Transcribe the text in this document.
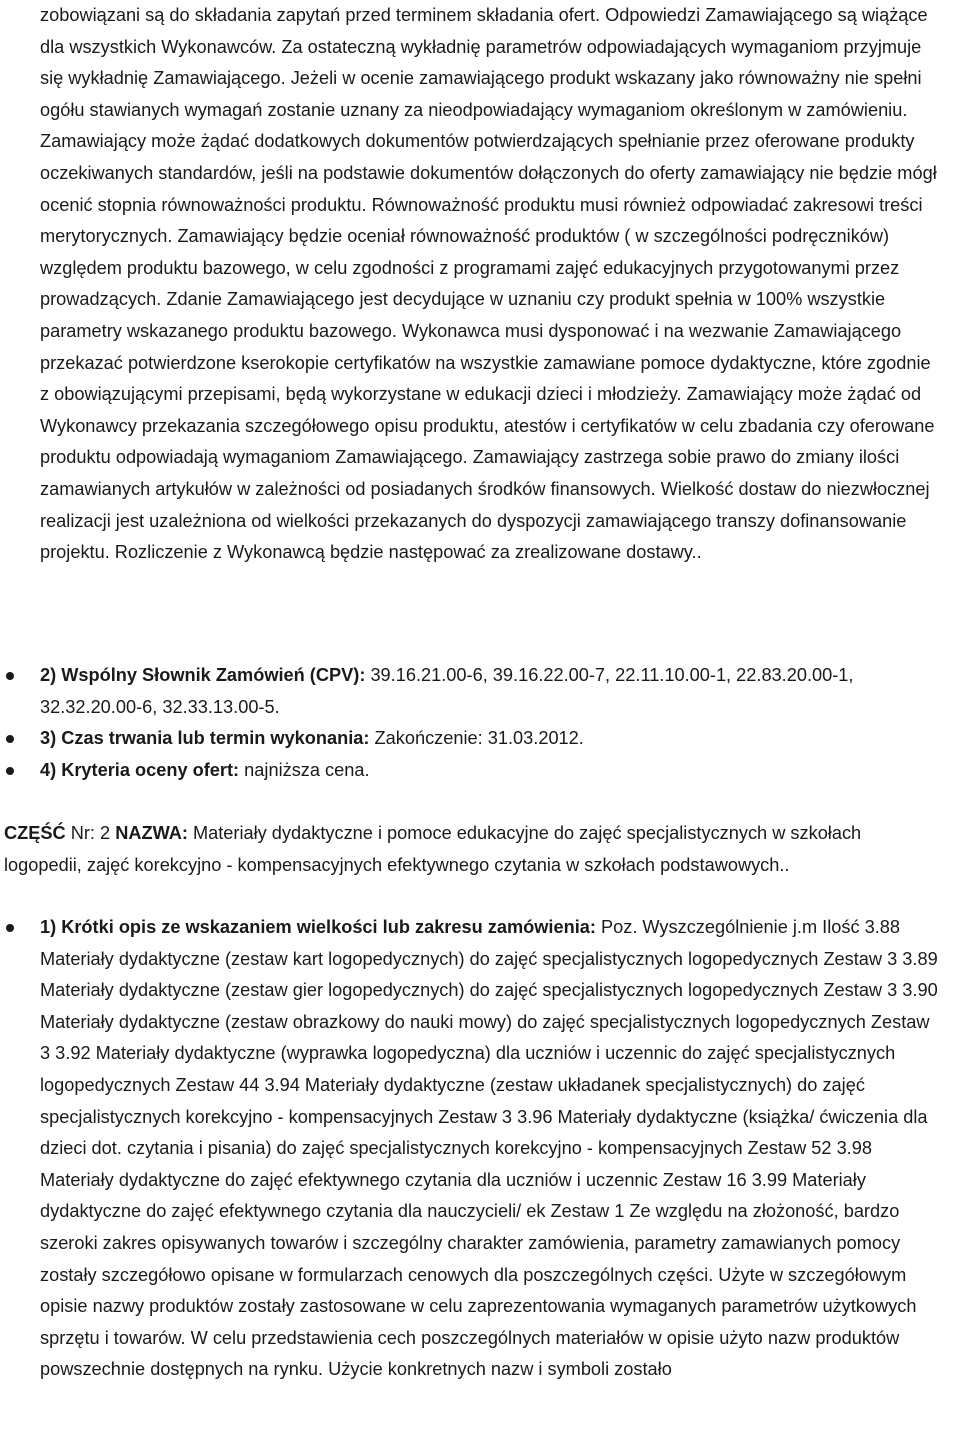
zobowiązani są do składania zapytań przed terminem składania ofert. Odpowiedzi Zamawiającego są wiążące dla wszystkich Wykonawców. Za ostateczną wykładnię parametrów odpowiadających wymaganiom przyjmuje się wykładnię Zamawiającego. Jeżeli w ocenie zamawiającego produkt wskazany jako równoważny nie spełni ogółu stawianych wymagań zostanie uznany za nieodpowiadający wymaganiom określonym w zamówieniu. Zamawiający może żądać dodatkowych dokumentów potwierdzających spełnianie przez oferowane produkty oczekiwanych standardów, jeśli na podstawie dokumentów dołączonych do oferty zamawiający nie będzie mógł ocenić stopnia równoważności produktu. Równoważność produktu musi również odpowiadać zakresowi treści merytorycznych. Zamawiający będzie oceniał równoważność produktów ( w szczególności podręczników) względem produktu bazowego, w celu zgodności z programami zajęć edukacyjnych przygotowanymi przez prowadzących. Zdanie Zamawiającego jest decydujące w uznaniu czy produkt spełnia w 100% wszystkie parametry wskazanego produktu bazowego. Wykonawca musi dysponować i na wezwanie Zamawiającego przekazać potwierdzone kserokopie certyfikatów na wszystkie zamawiane pomoce dydaktyczne, które zgodnie z obowiązującymi przepisami, będą wykorzystane w edukacji dzieci i młodzieży. Zamawiający może żądać od Wykonawcy przekazania szczegółowego opisu produktu, atestów i certyfikatów w celu zbadania czy oferowane produktu odpowiadają wymaganiom Zamawiającego. Zamawiający zastrzega sobie prawo do zmiany ilości zamawianych artykułów w zależności od posiadanych środków finansowych. Wielkość dostaw do niezwłocznej realizacji jest uzależniona od wielkości przekazanych do dyspozycji zamawiającego transzy dofinansowanie projektu. Rozliczenie z Wykonawcą będzie następować za zrealizowane dostawy..
2) Wspólny Słownik Zamówień (CPV): 39.16.21.00-6, 39.16.22.00-7, 22.11.10.00-1, 22.83.20.00-1, 32.32.20.00-6, 32.33.13.00-5.
3) Czas trwania lub termin wykonania: Zakończenie: 31.03.2012.
4) Kryteria oceny ofert: najniższa cena.
CZĘŚĆ Nr: 2 NAZWA: Materiały dydaktyczne i pomoce edukacyjne do zajęć specjalistycznych w szkołach logopedii, zajęć korekcyjno - kompensacyjnych efektywnego czytania w szkołach podstawowych..
1) Krótki opis ze wskazaniem wielkości lub zakresu zamówienia: Poz. Wyszczególnienie j.m Ilość 3.88 Materiały dydaktyczne (zestaw kart logopedycznych) do zajęć specjalistycznych logopedycznych Zestaw 3 3.89 Materiały dydaktyczne (zestaw gier logopedycznych) do zajęć specjalistycznych logopedycznych Zestaw 3 3.90 Materiały dydaktyczne (zestaw obrazkowy do nauki mowy) do zajęć specjalistycznych logopedycznych Zestaw 3 3.92 Materiały dydaktyczne (wyprawka logopedyczna) dla uczniów i uczennic do zajęć specjalistycznych logopedycznych Zestaw 44 3.94 Materiały dydaktyczne (zestaw układanek specjalistycznych) do zajęć specjalistycznych korekcyjno - kompensacyjnych Zestaw 3 3.96 Materiały dydaktyczne (książka/ ćwiczenia dla dzieci dot. czytania i pisania) do zajęć specjalistycznych korekcyjno - kompensacyjnych Zestaw 52 3.98 Materiały dydaktyczne do zajęć efektywnego czytania dla uczniów i uczennic Zestaw 16 3.99 Materiały dydaktyczne do zajęć efektywnego czytania dla nauczycieli/ ek Zestaw 1 Ze względu na złożoność, bardzo szeroki zakres opisywanych towarów i szczególny charakter zamówienia, parametry zamawianych pomocy zostały szczegółowo opisane w formularzach cenowych dla poszczególnych części. Użyte w szczegółowym opisie nazwy produktów zostały zastosowane w celu zaprezentowania wymaganych parametrów użytkowych sprzętu i towarów. W celu przedstawienia cech poszczególnych materiałów w opisie użyto nazw produktów powszechnie dostępnych na rynku. Użycie konkretnych nazw i symboli zostało
